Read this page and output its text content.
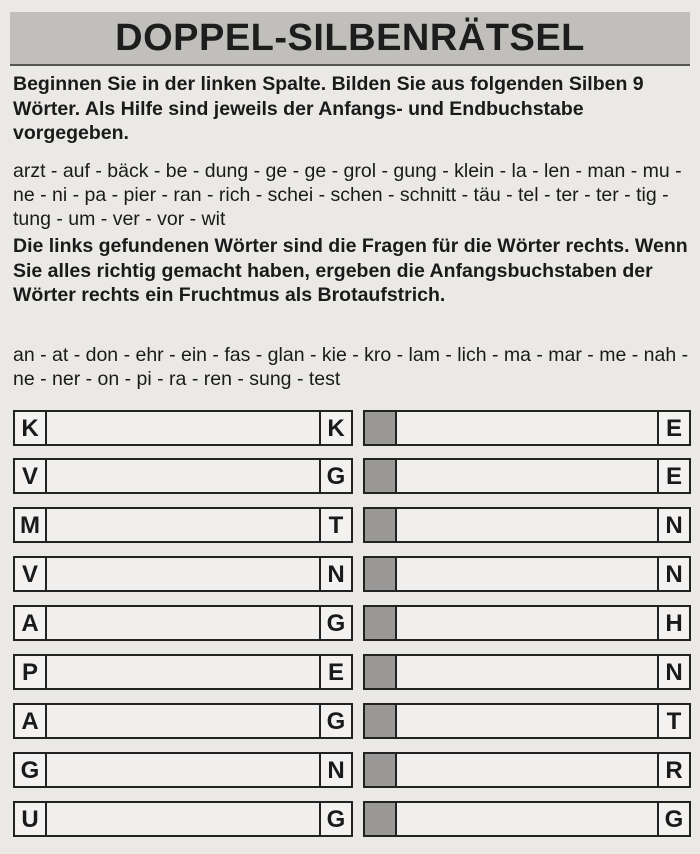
DOPPEL-SILBENRÄTSEL
Beginnen Sie in der linken Spalte. Bilden Sie aus folgenden Silben 9 Wörter. Als Hilfe sind jeweils der Anfangs- und Endbuchstabe vorgegeben.
arzt - auf - bäck - be - dung - ge - ge - grol - gung - klein - la - len - man - mu - ne - ni - pa - pier - ran - rich - schei - schen - schnitt - täu - tel - ter - ter - tig - tung - um - ver - vor - wit
Die links gefundenen Wörter sind die Fragen für die Wörter rechts. Wenn Sie alles richtig gemacht haben, ergeben die Anfangsbuchstaben der Wörter rechts ein Fruchtmus als Brotaufstrich.
an - at - don - ehr - ein - fas - glan - kie - kro - lam - lich - ma - mar - me - nah - ne - ner - on - pi - ra - ren - sung - test
K	K	E
V	G	E
M	T	N
V	N	N
A	G	H
P	E	N
A	G	T
G	N	R
U	G	G
